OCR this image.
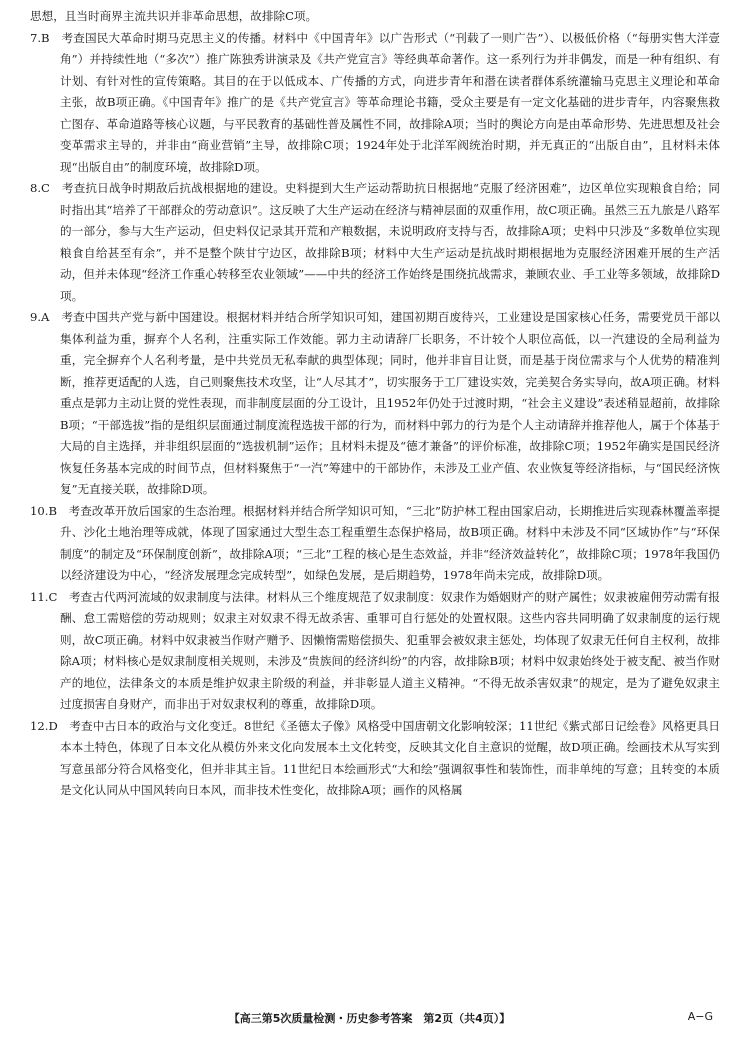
思想，且当时商界主流共识并非革命思想，故排除C项。

7.B　 考查国民大革命时期马克思主义的传播。材料中《中国青年》以广告形式（“刊载了一则广告”）、以极低价格（“每册实售大洋壹角”）并持续性地（“多次”）推广陈独秀讲演录及《共产党宣言》等经典革命著作。这一系列行为并非偶发，而是一种有组织、有计划、有针对性的宣传策略。其目的在于以低成本、广传播的方式，向进步青年和潜在读者群体系统灌输马克思主义理论和革命主张，故B项正确。《中国青年》推广的是《共产党宣言》等革命理论书籍，受众主要是有一定文化基础的进步青年，内容聚焦救亡图存、革命道路等核心议题，与平民教育的基础性普及属性不同，故排除A项；当时的舆论方向是由革命形势、先进思想及社会变革需求主导的，并非由“商业营销”主导，故排除C项；1924年处于北洋军阀统治时期，并无真正的“出版自由”，且材料未体现“出版自由”的制度环境，故排除D项。

8.C　 考查抗日战争时期敌后抗战根据地的建设。史料提到大生产运动帮助抗日根据地“克服了经济困难”，边区单位实现粮食自给；同时指出其“培养了干部群众的劳动意识”。这反映了大生产运动在经济与精神层面的双重作用，故C项正确。虽然三五九旅是八路军的一部分，参与大生产运动，但史料仅记录其开荒和产粮数据，未说明政府支持与否，故排除A项；史料中只涉及“多数单位实现粮食自给甚至有余”，并不是整个陕甘宁边区，故排除B项；材料中大生产运动是抗战时期根据地为克服经济困难开展的生产活动，但并未体现“经济工作重心转移至农业领域”——中共的经济工作始终是围绕抗战需求，兼顾农业、手工业等多领域，故排除D项。

9.A　 考查中国共产党与新中国建设。根据材料并结合所学知识可知，建国初期百废待兴，工业建设是国家核心任务，需要党员干部以集体利益为重，摒弃个人名利，注重实际工作效能。郭力主动请辞厂长职务，不计较个人职位高低，以一汽建设的全局利益为重，完全摒弃个人名利考量，是中共党员无私奉献的典型体现；同时，他并非盲目让贤，而是基于岗位需求与个人优势的精准判断，推荐更适配的人选，自己则聚焦技术攻坚，让“人尽其才”，切实服务于工厂建设实效，完美契合务实导向，故A项正确。材料重点是郭力主动让贤的党性表现，而非制度层面的分工设计，且1952年仍处于过渡时期，“社会主义建设”表述稍显超前，故排除B项；“干部选拔”指的是组织层面通过制度流程选拔干部的行为，而材料中郭力的行为是个人主动请辞并推荐他人，属于个体基于大局的自主选择，并非组织层面的“选拔机制”运作；且材料未提及“德才兼备”的评价标准，故排除C项；1952年确实是国民经济恢复任务基本完成的时间节点，但材料聚焦于“一汽”筹建中的干部协作，未涉及工业产值、农业恢复等经济指标，与“国民经济恢复”无直接关联，故排除D项。

10.B　 考查改革开放后国家的生态治理。根据材料并结合所学知识可知，“三北”防护林工程由国家启动，长期推进后实现森林覆盖率提升、沙化土地治理等成就，体现了国家通过大型生态工程重塑生态保护格局，故B项正确。材料中未涉及不同“区域协作”与“环保制度”的制定及“环保制度创新”，故排除A项；“三北”工程的核心是生态效益，并非“经济效益转化”，故排除C项；1978年我国仍以经济建设为中心，“经济发展理念完成转型”，如绿色发展，是后期趋势，1978年尚未完成，故排除D项。

11.C　 考查古代两河流域的奴隶制度与法律。材料从三个维度规范了奴隶制度：奴隶作为婚姻财产的财产属性；奴隶被雇佣劳动需有报酬、怠工需赔偿的劳动规则；奴隶主对奴隶不得无故杀害、重罪可自行惩处的处置权限。这些内容共同明确了奴隶制度的运行规则，故C项正确。材料中奴隶被当作财产赠予、因懒惰需赔偿损失、犯重罪会被奴隶主惩处，均体现了奴隶无任何自主权利，故排除A项；材料核心是奴隶制度相关规则，未涉及“贵族间的经济纠纷”的内容，故排除B项；材料中奴隶始终处于被支配、被当作财产的地位，法律条文的本质是维护奴隶主阶级的利益，并非彰显人道主义精神。“不得无故杀害奴隶”的规定，是为了避免奴隶主过度损害自身财产，而非出于对奴隶权利的尊重，故排除D项。

12.D　 考查中古日本的政治与文化变迁。8世纪《圣德太子像》风格受中国唐朝文化影响较深；11世纪《紫式部日记绘卷》风格更具日本本土特色，体现了日本文化从模仿外来文化向发展本土文化转变，反映其文化自主意识的觉醒，故D项正确。绘画技术从写实到写意虽部分符合风格变化，但并非其主旨。11世纪日本绘画形式“大和绘”强调叙事性和装饰性，而非单纯的写意；且转变的本质是文化认同从中国风转向日本风，而非技术性变化，故排除A项；画作的风格属

【高三第5次质量检测・历史参考答案　第2页（共4页）】	A−G
